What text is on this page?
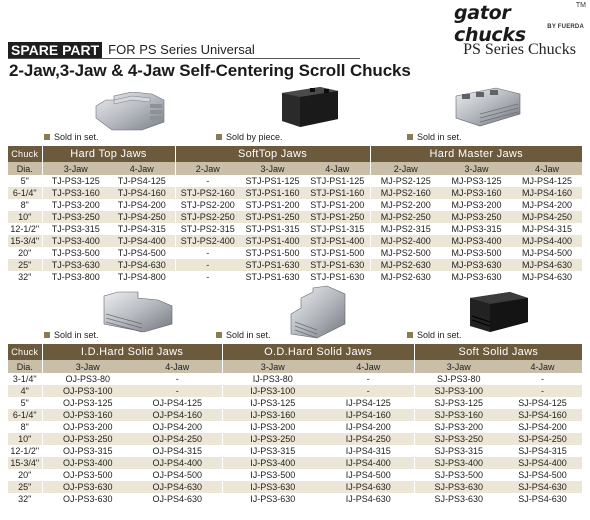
gator chucks
TM
BY FUERDA
SPARE PART FOR PS Series Universal	PS Series Chucks
2-Jaw,3-Jaw & 4-Jaw Self-Centering Scroll Chucks
Sold in set.	Sold by piece.	Sold in set.
Chuck	Hard Top Jaws		SoftTop Jaws			Hard Master Jaws		
Dia.	3-Jaw	4-Jaw	2-Jaw	3-Jaw	4-Jaw	2-Jaw	3-Jaw	4-Jaw
5"	TJ-PS3-125	TJ-PS4-125	-	STJ-PS1-125	STJ-PS1-125	MJ-PS2-125	MJ-PS3-125	MJ-PS4-125
6-1/4"	TJ-PS3-160	TJ-PS4-160	STJ-PS2-160	STJ-PS1-160	STJ-PS1-160	MJ-PS2-160	MJ-PS3-160	MJ-PS4-160
8"	TJ-PS3-200	TJ-PS4-200	STJ-PS2-200	STJ-PS1-200	STJ-PS1-200	MJ-PS2-200	MJ-PS3-200	MJ-PS4-200
10"	TJ-PS3-250	TJ-PS4-250	STJ-PS2-250	STJ-PS1-250	STJ-PS1-250	MJ-PS2-250	MJ-PS3-250	MJ-PS4-250
12-1/2"	TJ-PS3-315	TJ-PS4-315	STJ-PS2-315	STJ-PS1-315	STJ-PS1-315	MJ-PS2-315	MJ-PS3-315	MJ-PS4-315
15-3/4"	TJ-PS3-400	TJ-PS4-400	STJ-PS2-400	STJ-PS1-400	STJ-PS1-400	MJ-PS2-400	MJ-PS3-400	MJ-PS4-400
20"	TJ-PS3-500	TJ-PS4-500	-	STJ-PS1-500	STJ-PS1-500	MJ-PS2-500	MJ-PS3-500	MJ-PS4-500
25"	TJ-PS3-630	TJ-PS4-630	-	STJ-PS1-630	STJ-PS1-630	MJ-PS2-630	MJ-PS3-630	MJ-PS4-630
32"	TJ-PS3-800	TJ-PS4-800	-	STJ-PS1-630	STJ-PS1-630	MJ-PS2-630	MJ-PS3-630	MJ-PS4-630
Sold in set.	Sold in set.	Sold in set.
Chuck	I.D.Hard Solid Jaws		O.D.Hard Solid Jaws		Soft Solid Jaws	
Dia.	3-Jaw	4-Jaw	3-Jaw	4-Jaw	3-Jaw	4-Jaw
3-1/4"	OJ-PS3-80	-	IJ-PS3-80	-	SJ-PS3-80	-
4"	OJ-PS3-100	-	IJ-PS3-100	-	SJ-PS3-100	-
5"	OJ-PS3-125	OJ-PS4-125	IJ-PS3-125	IJ-PS4-125	SJ-PS3-125	SJ-PS4-125
6-1/4"	OJ-PS3-160	OJ-PS4-160	IJ-PS3-160	IJ-PS4-160	SJ-PS3-160	SJ-PS4-160
8"	OJ-PS3-200	OJ-PS4-200	IJ-PS3-200	IJ-PS4-200	SJ-PS3-200	SJ-PS4-200
10"	OJ-PS3-250	OJ-PS4-250	IJ-PS3-250	IJ-PS4-250	SJ-PS3-250	SJ-PS4-250
12-1/2"	OJ-PS3-315	OJ-PS4-315	IJ-PS3-315	IJ-PS4-315	SJ-PS3-315	SJ-PS4-315
15-3/4"	OJ-PS3-400	OJ-PS4-400	IJ-PS3-400	IJ-PS4-400	SJ-PS3-400	SJ-PS4-400
20"	OJ-PS3-500	OJ-PS4-500	IJ-PS3-500	IJ-PS4-500	SJ-PS3-500	SJ-PS4-500
25"	OJ-PS3-630	OJ-PS4-630	IJ-PS3-630	IJ-PS4-630	SJ-PS3-630	SJ-PS4-630
32"	OJ-PS3-630	OJ-PS4-630	IJ-PS3-630	IJ-PS4-630	SJ-PS3-630	SJ-PS4-630
